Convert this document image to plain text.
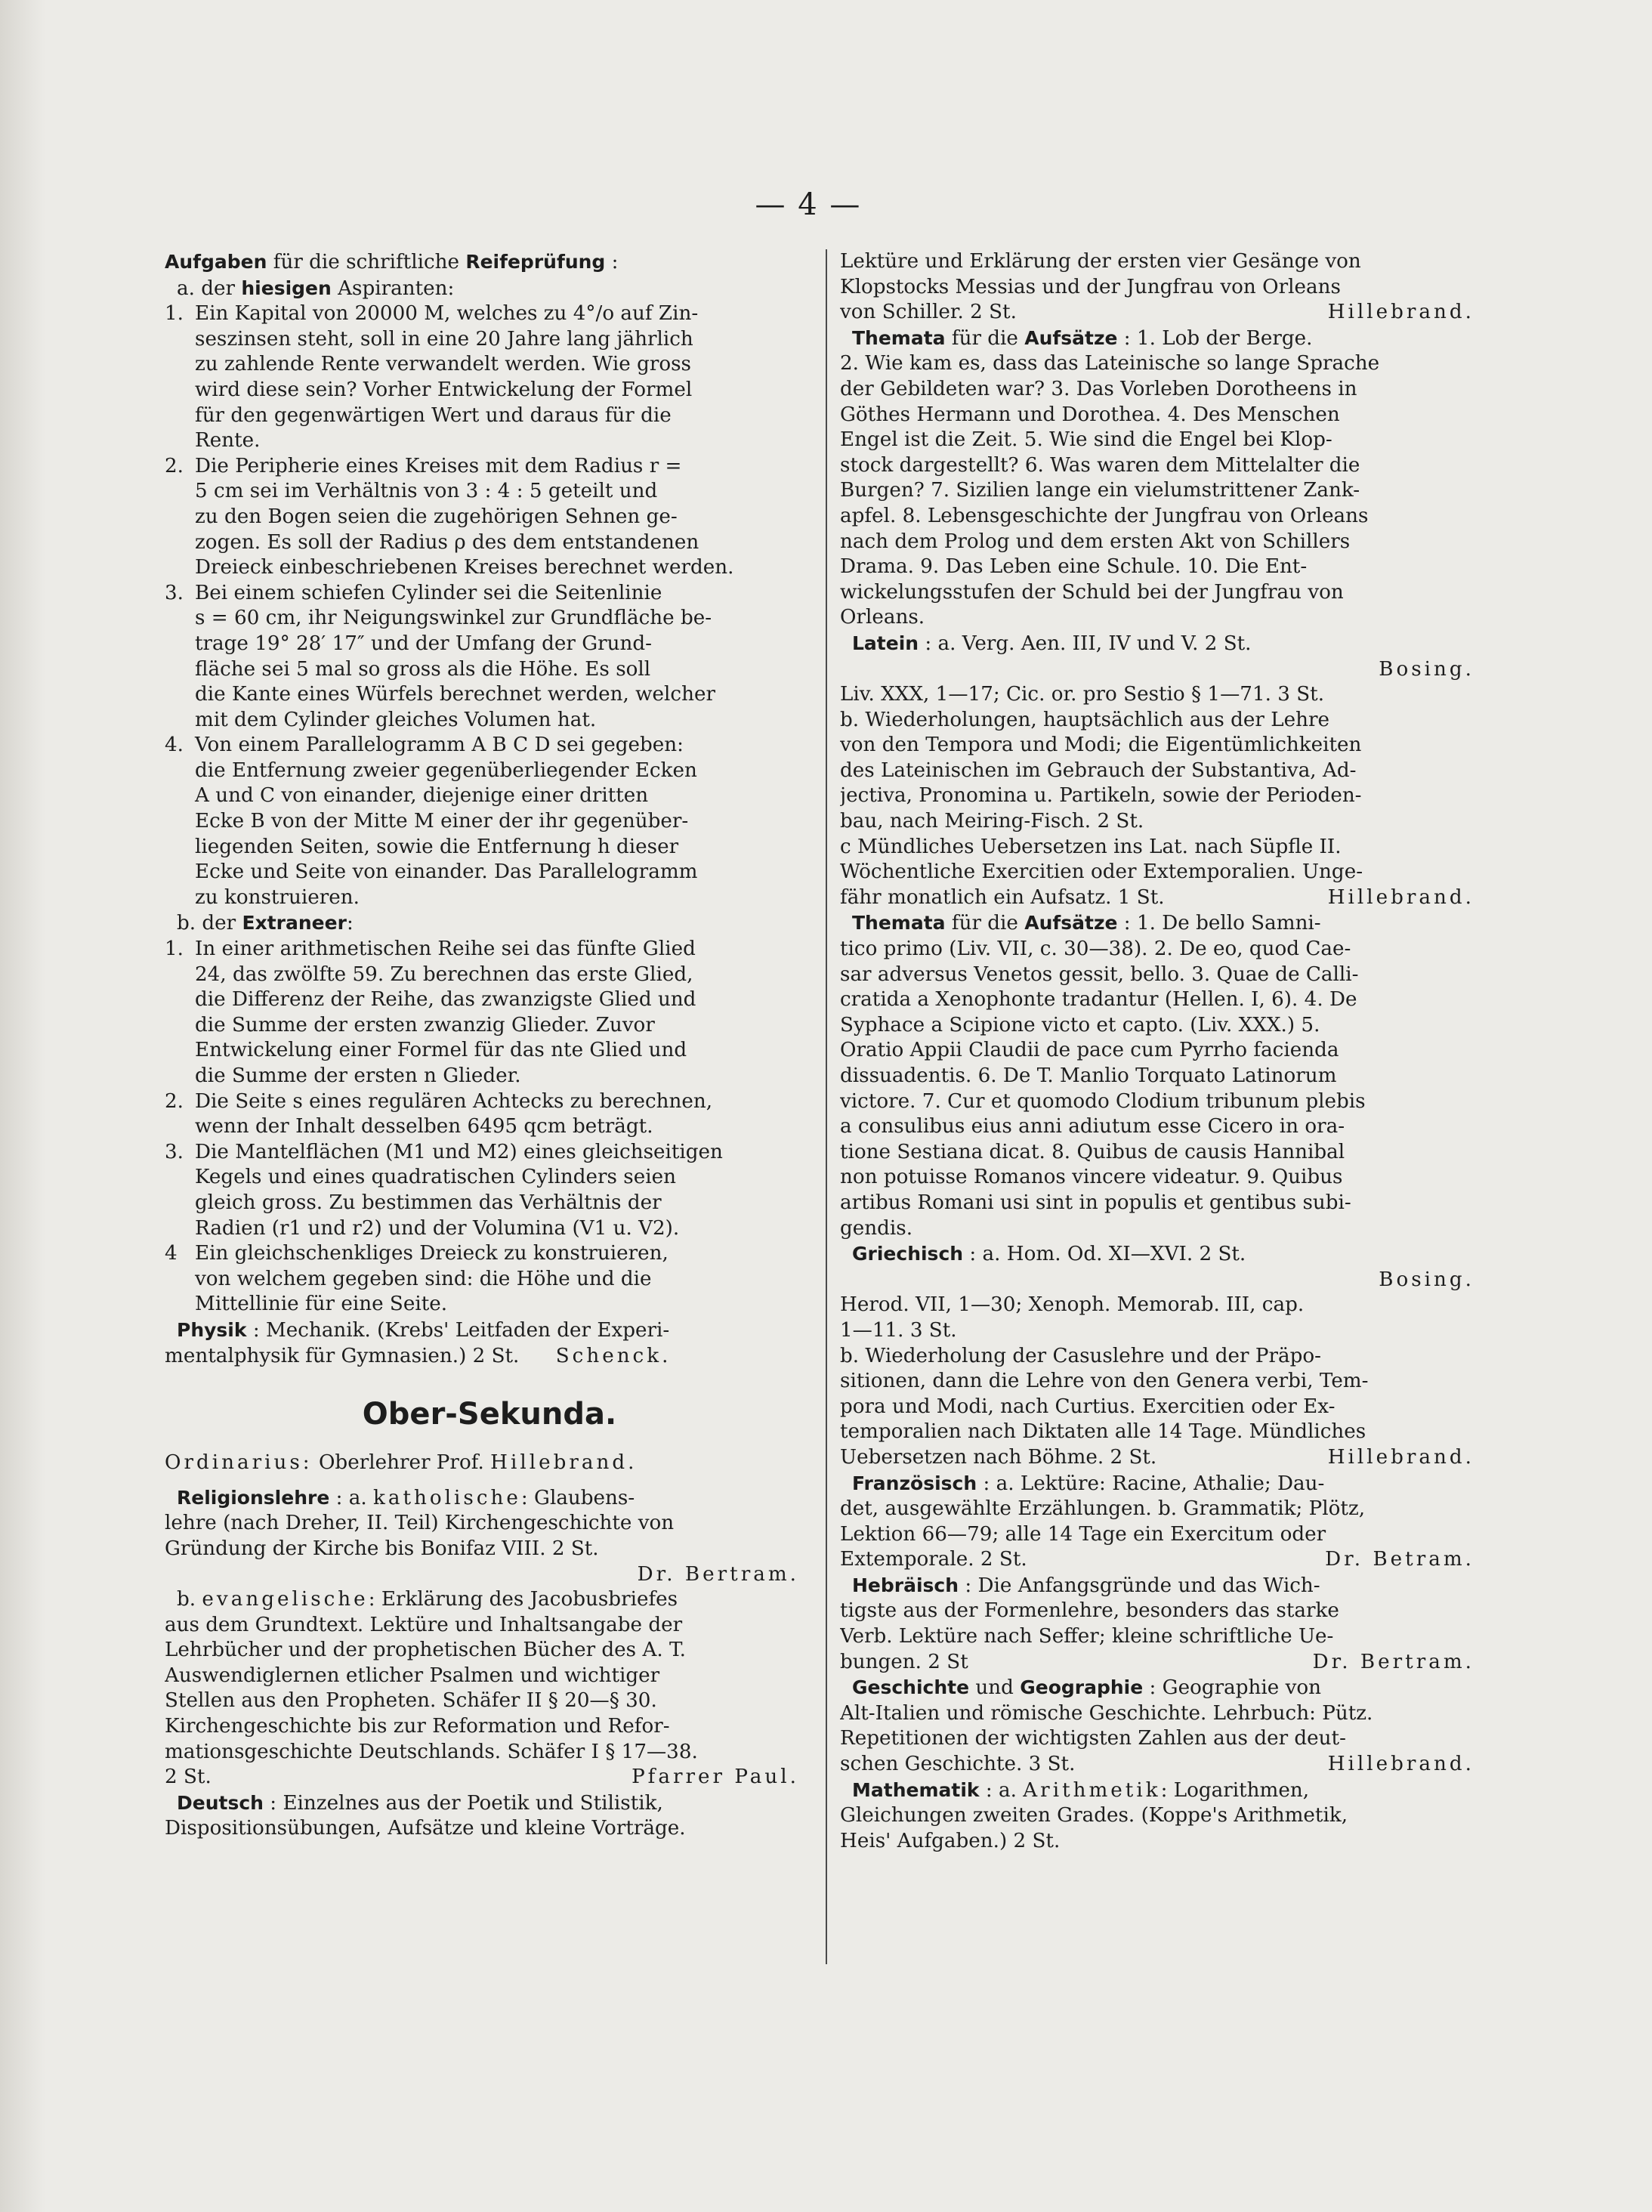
— 4 —
Aufgaben für die schriftliche Reifeprüfung :
a. der hiesigen Aspiranten:
1. Ein Kapital von 20000 M, welches zu 4°/o auf Zin-
seszinsen steht, soll in eine 20 Jahre lang jährlich
zu zahlende Rente verwandelt werden. Wie gross
wird diese sein? Vorher Entwickelung der Formel
für den gegenwärtigen Wert und daraus für die
Rente.
2. Die Peripherie eines Kreises mit dem Radius r =
5 cm sei im Verhältnis von 3 : 4 : 5 geteilt und
zu den Bogen seien die zugehörigen Sehnen ge-
zogen. Es soll der Radius ρ des dem entstandenen
Dreieck einbeschriebenen Kreises berechnet werden.
3. Bei einem schiefen Cylinder sei die Seitenlinie
s = 60 cm, ihr Neigungswinkel zur Grundfläche be-
trage 19° 28′ 17″ und der Umfang der Grund-
fläche sei 5 mal so gross als die Höhe. Es soll
die Kante eines Würfels berechnet werden, welcher
mit dem Cylinder gleiches Volumen hat.
4. Von einem Parallelogramm A B C D sei gegeben:
die Entfernung zweier gegenüberliegender Ecken
A und C von einander, diejenige einer dritten
Ecke B von der Mitte M einer der ihr gegenüber-
liegenden Seiten, sowie die Entfernung h dieser
Ecke und Seite von einander. Das Parallelogramm
zu konstruieren.
b. der Extraneer:
1. In einer arithmetischen Reihe sei das fünfte Glied
24, das zwölfte 59. Zu berechnen das erste Glied,
die Differenz der Reihe, das zwanzigste Glied und
die Summe der ersten zwanzig Glieder. Zuvor
Entwickelung einer Formel für das nte Glied und
die Summe der ersten n Glieder.
2. Die Seite s eines regulären Achtecks zu berechnen,
wenn der Inhalt desselben 6495 qcm beträgt.
3. Die Mantelflächen (M1 und M2) eines gleichseitigen
Kegels und eines quadratischen Cylinders seien
gleich gross. Zu bestimmen das Verhältnis der
Radien (r1 und r2) und der Volumina (V1 u. V2).
4 Ein gleichschenkliges Dreieck zu konstruieren,
von welchem gegeben sind: die Höhe und die
Mittellinie für eine Seite.
Physik : Mechanik. (Krebs' Leitfaden der Experi-
mentalphysik für Gymnasien.) 2 St. Schenck.
Ober-Sekunda.
Ordinarius: Oberlehrer Prof. Hillebrand.
Religionslehre : a. katholische: Glaubens-
lehre (nach Dreher, II. Teil) Kirchengeschichte von
Gründung der Kirche bis Bonifaz VIII. 2 St.
Dr. Bertram.
b. evangelische: Erklärung des Jacobusbriefes
aus dem Grundtext. Lektüre und Inhaltsangabe der
Lehrbücher und der prophetischen Bücher des A. T.
Auswendiglernen etlicher Psalmen und wichtiger
Stellen aus den Propheten. Schäfer II § 20—§ 30.
Kirchengeschichte bis zur Reformation und Refor-
mationsgeschichte Deutschlands. Schäfer I § 17—38.
2 St.	Pfarrer Paul.
Deutsch : Einzelnes aus der Poetik und Stilistik,
Dispositionsübungen, Aufsätze und kleine Vorträge.
Lektüre und Erklärung der ersten vier Gesänge von
Klopstocks Messias und der Jungfrau von Orleans
von Schiller. 2 St.	Hillebrand.
Themata für die Aufsätze : 1. Lob der Berge.
2. Wie kam es, dass das Lateinische so lange Sprache
der Gebildeten war? 3. Das Vorleben Dorotheens in
Göthes Hermann und Dorothea. 4. Des Menschen
Engel ist die Zeit. 5. Wie sind die Engel bei Klop-
stock dargestellt? 6. Was waren dem Mittelalter die
Burgen? 7. Sizilien lange ein vielumstrittener Zank-
apfel. 8. Lebensgeschichte der Jungfrau von Orleans
nach dem Prolog und dem ersten Akt von Schillers
Drama. 9. Das Leben eine Schule. 10. Die Ent-
wickelungsstufen der Schuld bei der Jungfrau von
Orleans.
Latein : a. Verg. Aen. III, IV und V. 2 St.
Bosing.
Liv. XXX, 1—17; Cic. or. pro Sestio § 1—71. 3 St.
b. Wiederholungen, hauptsächlich aus der Lehre
von den Tempora und Modi; die Eigentümlichkeiten
des Lateinischen im Gebrauch der Substantiva, Ad-
jectiva, Pronomina u. Partikeln, sowie der Perioden-
bau, nach Meiring-Fisch. 2 St.
c Mündliches Uebersetzen ins Lat. nach Süpfle II.
Wöchentliche Exercitien oder Extemporalien. Unge-
fähr monatlich ein Aufsatz. 1 St.	Hillebrand.
Themata für die Aufsätze : 1. De bello Samni-
tico primo (Liv. VII, c. 30—38). 2. De eo, quod Cae-
sar adversus Venetos gessit, bello. 3. Quae de Calli-
cratida a Xenophonte tradantur (Hellen. I, 6). 4. De
Syphace a Scipione victo et capto. (Liv. XXX.) 5.
Oratio Appii Claudii de pace cum Pyrrho facienda
dissuadentis. 6. De T. Manlio Torquato Latinorum
victore. 7. Cur et quomodo Clodium tribunum plebis
a consulibus eius anni adiutum esse Cicero in ora-
tione Sestiana dicat. 8. Quibus de causis Hannibal
non potuisse Romanos vincere videatur. 9. Quibus
artibus Romani usi sint in populis et gentibus subi-
gendis.
Griechisch : a. Hom. Od. XI—XVI. 2 St.
Bosing.
Herod. VII, 1—30; Xenoph. Memorab. III, cap.
1—11. 3 St.
b. Wiederholung der Casuslehre und der Präpo-
sitionen, dann die Lehre von den Genera verbi, Tem-
pora und Modi, nach Curtius. Exercitien oder Ex-
temporalien nach Diktaten alle 14 Tage. Mündliches
Uebersetzen nach Böhme. 2 St.	Hillebrand.
Französisch : a. Lektüre: Racine, Athalie; Dau-
det, ausgewählte Erzählungen. b. Grammatik; Plötz,
Lektion 66—79; alle 14 Tage ein Exercitum oder
Extemporale. 2 St.	Dr. Betram.
Hebräisch : Die Anfangsgründe und das Wich-
tigste aus der Formenlehre, besonders das starke
Verb. Lektüre nach Seffer; kleine schriftliche Ue-
bungen. 2 St	Dr. Bertram.
Geschichte und Geographie : Geographie von
Alt-Italien und römische Geschichte. Lehrbuch: Pütz.
Repetitionen der wichtigsten Zahlen aus der deut-
schen Geschichte. 3 St.	Hillebrand.
Mathematik : a. Arithmetik: Logarithmen,
Gleichungen zweiten Grades. (Koppe's Arithmetik,
Heis' Aufgaben.) 2 St.
